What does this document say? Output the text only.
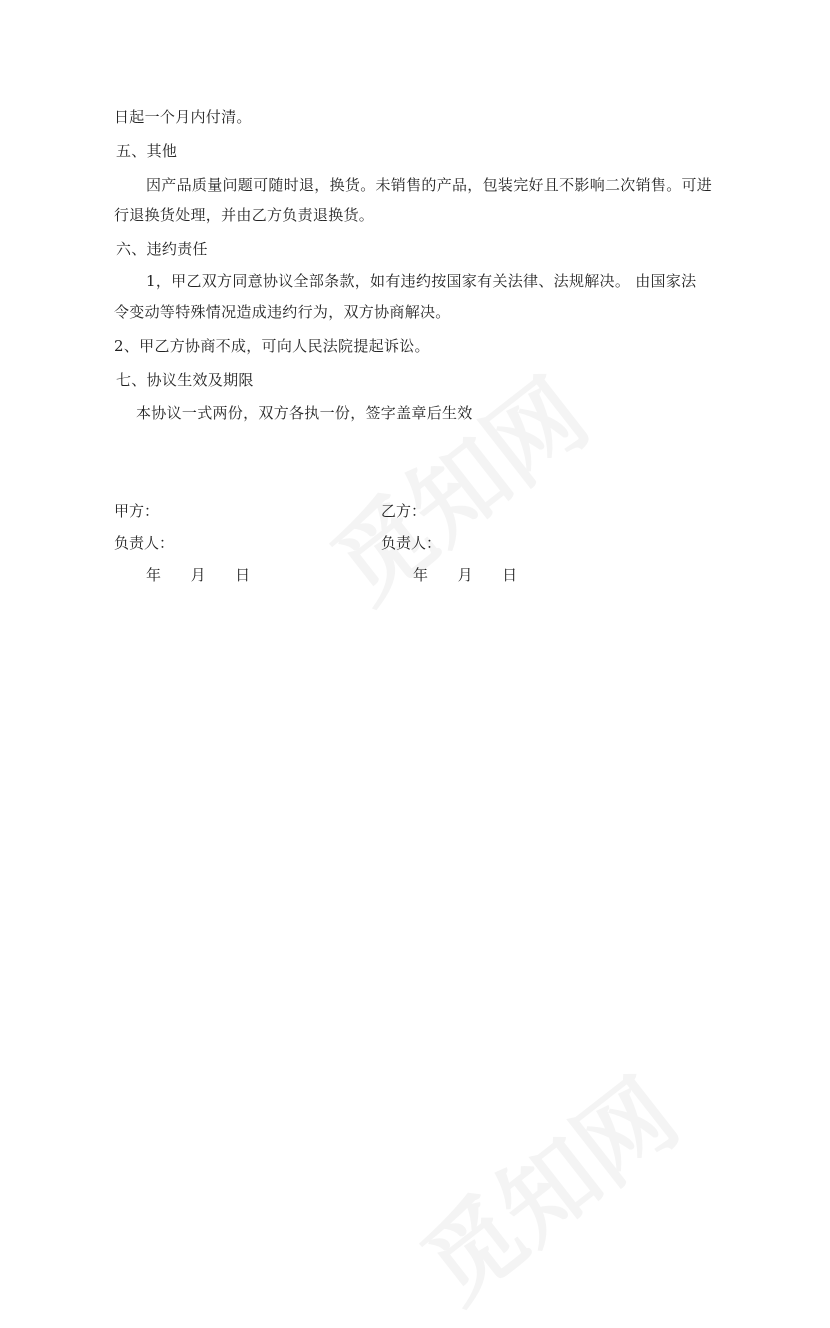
日起一个月内付清。
五、其他
因产品质量问题可随时退，换货。未销售的产品，包装完好且不影响二次销售。可进
行退换货处理，并由乙方负责退换货。
六、违约责任
1，甲乙双方同意协议全部条款，如有违约按国家有关法律、法规解决。 由国家法
令变动等特殊情况造成违约行为，双方协商解决。
2、甲乙方协商不成，可向人民法院提起诉讼。
七、协议生效及期限
本协议一式两份，双方各执一份，签字盖章后生效
甲方：	乙方：
负责人：	负责人：
年 月 日	年 月 日
